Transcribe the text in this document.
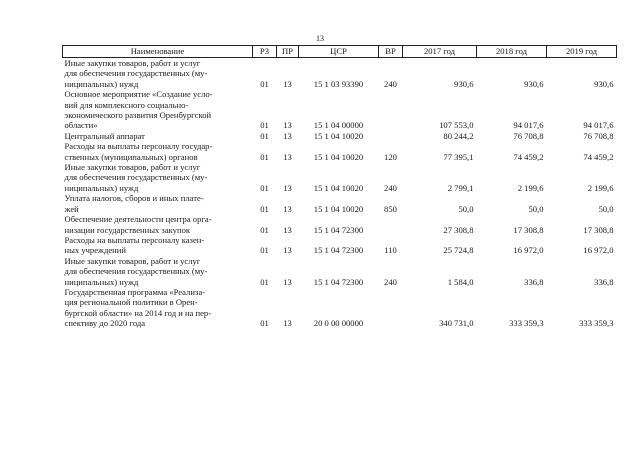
13
Наименование	РЗ	ПР	ЦСР	ВР	2017 год	2018 год	2019 год

Иные закупки товаров, работ и услуг
для обеспечения государственных (му-
ниципальных) нужд	01	13	15 1 03 93390	240	930,6	930,6	930,6

Основное мероприятие «Создание усло-
вий для комплексного социально-
экономического развития Оренбургской
области»	01	13	15 1 04 00000		107 553,0	94 017,6	94 017,6

Центральный аппарат	01	13	15 1 04 10020		80 244,2	76 708,8	76 708,8

Расходы на выплаты персоналу государ-
ственных (муниципальных) органов	01	13	15 1 04 10020	120	77 395,1	74 459,2	74 459,2

Иные закупки товаров, работ и услуг
для обеспечения государственных (му-
ниципальных) нужд	01	13	15 1 04 10020	240	2 799,1	2 199,6	2 199,6

Уплата налогов, сборов и иных плате-
жей	01	13	15 1 04 10020	850	50,0	50,0	50,0

Обеспечение деятельности центра орга-
низации государственных закупок	01	13	15 1 04 72300		27 308,8	17 308,8	17 308,8

Расходы на выплаты персоналу казен-
ных учреждений	01	13	15 1 04 72300	110	25 724,8	16 972,0	16 972,0

Иные закупки товаров, работ и услуг
для обеспечения государственных (му-
ниципальных) нужд	01	13	15 1 04 72300	240	1 584,0	336,8	336,8

Государственная программа «Реализа-
ция региональной политики в Орен-
бургской области» на 2014 год и на пер-
спективу до 2020 года	01	13	20 0 00 00000		340 731,0	333 359,3	333 359,3
